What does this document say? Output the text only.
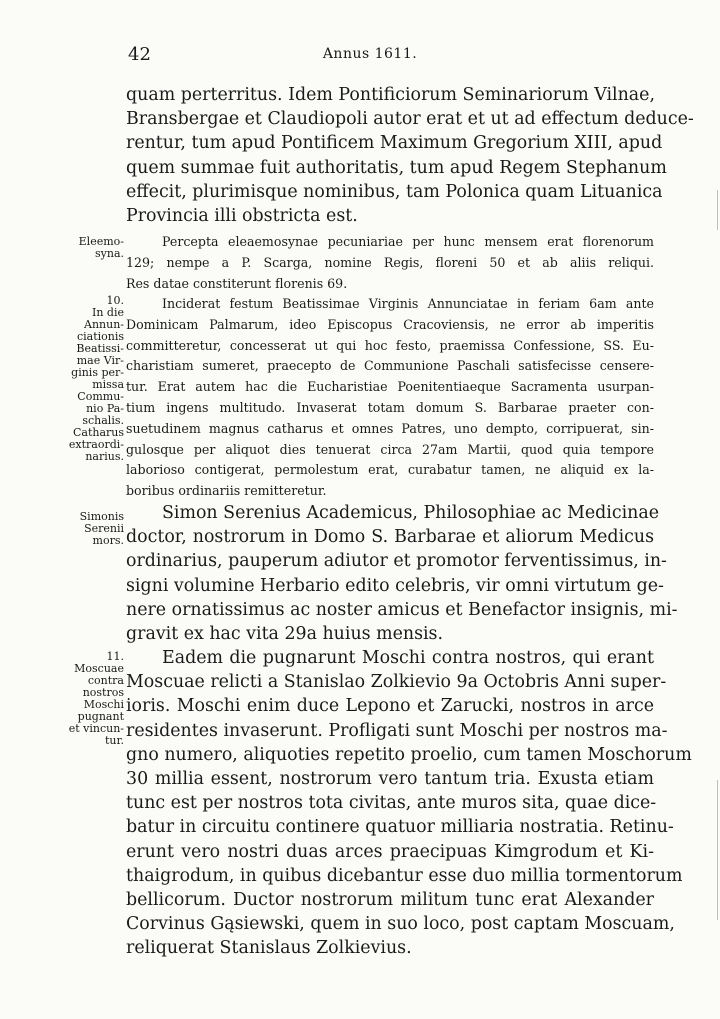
42	Annus 1611.
quam perterritus. Idem Pontificiorum Seminariorum Vilnae,
Bransbergae et Claudiopoli autor erat et ut ad effectum deduce-
rentur, tum apud Pontificem Maximum Gregorium XIII, apud
quem summae fuit authoritatis, tum apud Regem Stephanum
effecit, plurimisque nominibus, tam Polonica quam Lituanica
Provincia illi obstricta est.
Eleemo-
syna.
Percepta eleaemosynae pecuniariae per hunc mensem erat florenorum
129; nempe a P. Scarga, nomine Regis, floreni 50 et ab aliis reliqui.
Res datae constiterunt florenis 69.
10.
In die
Annun-
ciationis
Beatissi-
mae Vir-
ginis per-
missa
Commu-
nio Pa-
schalis.
Catharus
extraordi-
narius.
Inciderat festum Beatissimae Virginis Annunciatae in feriam 6am ante
Dominicam Palmarum, ideo Episcopus Cracoviensis, ne error ab imperitis
committeretur, concesserat ut qui hoc festo, praemissa Confessione, SS. Eu-
charistiam sumeret, praecepto de Communione Paschali satisfecisse censere-
tur. Erat autem hac die Eucharistiae Poenitentiaeque Sacramenta usurpan-
tium ingens multitudo. Invaserat totam domum S. Barbarae praeter con-
suetudinem magnus catharus et omnes Patres, uno dempto, corripuerat, sin-
gulosque per aliquot dies tenuerat circa 27am Martii, quod quia tempore
laborioso contigerat, permolestum erat, curabatur tamen, ne aliquid ex la-
boribus ordinariis remitteretur.
Simonis
Serenii
mors.
Simon Serenius Academicus, Philosophiae ac Medicinae
doctor, nostrorum in Domo S. Barbarae et aliorum Medicus
ordinarius, pauperum adiutor et promotor ferventissimus, in-
signi volumine Herbario edito celebris, vir omni virtutum ge-
nere ornatissimus ac noster amicus et Benefactor insignis, mi-
gravit ex hac vita 29a huius mensis.
11.
Moscuae
contra
nostros
Moschi
pugnant
et vincun-
tur.
Eadem die pugnarunt Moschi contra nostros, qui erant
Moscuae relicti a Stanislao Zolkievio 9a Octobris Anni super-
ioris. Moschi enim duce Lepono et Zarucki, nostros in arce
residentes invaserunt. Profligati sunt Moschi per nostros ma-
gno numero, aliquoties repetito proelio, cum tamen Moschorum
30 millia essent, nostrorum vero tantum tria. Exusta etiam
tunc est per nostros tota civitas, ante muros sita, quae dice-
batur in circuitu continere quatuor milliaria nostratia. Retinu-
erunt vero nostri duas arces praecipuas Kimgrodum et Ki-
thaigrodum, in quibus dicebantur esse duo millia tormentorum
bellicorum. Ductor nostrorum militum tunc erat Alexander
Corvinus Gąsiewski, quem in suo loco, post captam Moscuam,
reliquerat Stanislaus Zolkievius.
